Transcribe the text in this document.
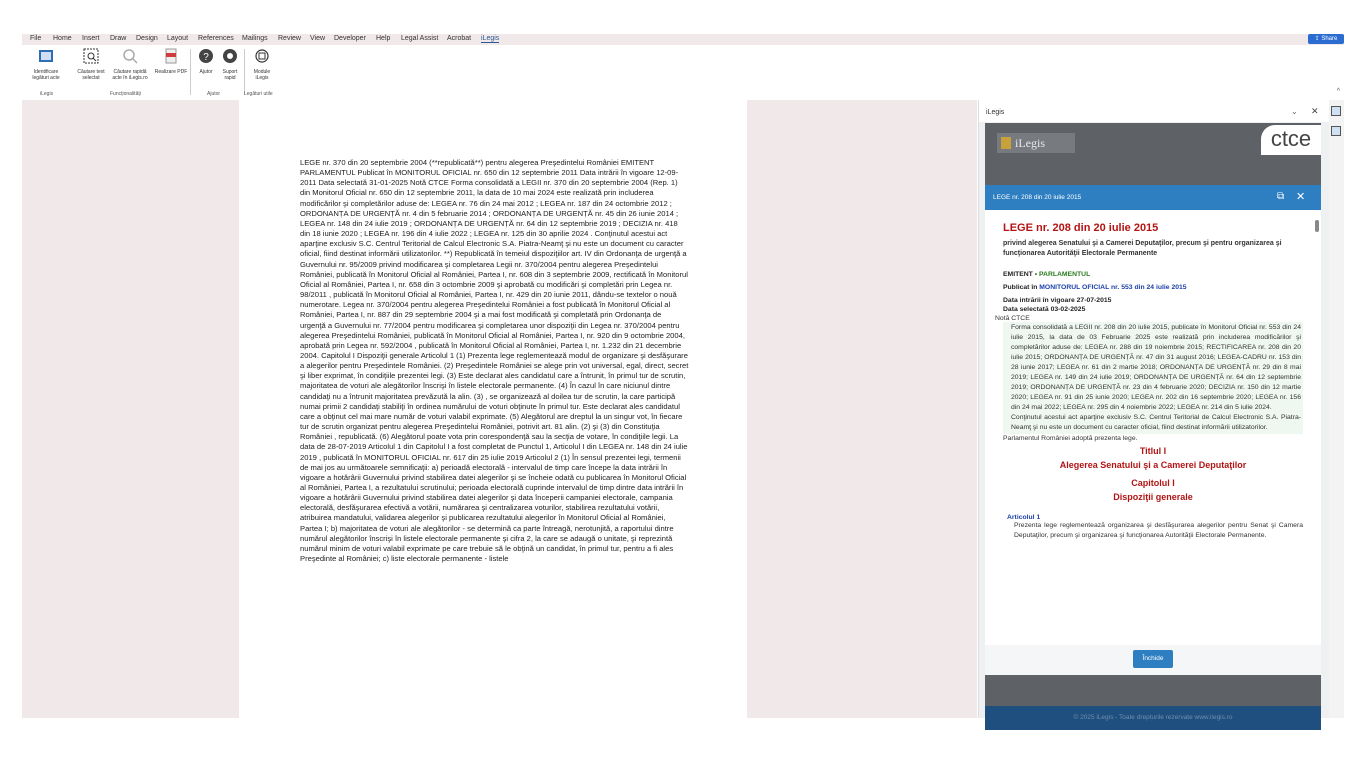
File Home Insert Draw Design Layout References Mailings Review View Developer Help Legal Assist Acrobat iLegis	⇪ Share
Identificare legături acte
Căutare text selectat
Căutare rapidă acte în iLegis.ro
Realizare PDF
?
Ajutor	Suport rapid
Module iLegis
iLegis	Funcționalități	Ajutor	Legături utile	^
LEGE nr. 370 din 20 septembrie 2004 (**republicată**) pentru alegerea Preşedintelui României EMITENT PARLAMENTUL Publicat în MONITORUL OFICIAL nr. 650 din 12 septembrie 2011 Data intrării în vigoare 12-09-2011 Data selectată 31-01-2025 Notă CTCE Forma consolidată a LEGII nr. 370 din 20 septembrie 2004 (Rep. 1) din Monitorul Oficial nr. 650 din 12 septembrie 2011, la data de 10 mai 2024 este realizată prin includerea modificărilor şi completărilor aduse de: LEGEA nr. 76 din 24 mai 2012 ; LEGEA nr. 187 din 24 octombrie 2012 ; ORDONANȚA DE URGENȚĂ nr. 4 din 5 februarie 2014 ; ORDONANȚA DE URGENȚĂ nr. 45 din 26 iunie 2014 ; LEGEA nr. 148 din 24 iulie 2019 ; ORDONANȚA DE URGENȚĂ nr. 64 din 12 septembrie 2019 ; DECIZIA nr. 418 din 18 iunie 2020 ; LEGEA nr. 196 din 4 iulie 2022 ; LEGEA nr. 125 din 30 aprilie 2024 . Conţinutul acestui act aparţine exclusiv S.C. Centrul Teritorial de Calcul Electronic S.A. Piatra-Neamţ şi nu este un document cu caracter oficial, fiind destinat informării utilizatorilor. **) Republicată în temeiul dispoziţiilor art. IV din Ordonanţa de urgenţă a Guvernului nr. 95/2009 privind modificarea şi completarea Legii nr. 370/2004 pentru alegerea Preşedintelui României, publicată în Monitorul Oficial al României, Partea I, nr. 608 din 3 septembrie 2009, rectificată în Monitorul Oficial al României, Partea I, nr. 658 din 3 octombrie 2009 şi aprobată cu modificări şi completări prin Legea nr. 98/2011 , publicată în Monitorul Oficial al României, Partea I, nr. 429 din 20 iunie 2011, dându-se textelor o nouă numerotare. Legea nr. 370/2004 pentru alegerea Preşedintelui României a fost publicată în Monitorul Oficial al României, Partea I, nr. 887 din 29 septembrie 2004 şi a mai fost modificată şi completată prin Ordonanţa de urgenţă a Guvernului nr. 77/2004 pentru modificarea şi completarea unor dispoziţii din Legea nr. 370/2004 pentru alegerea Preşedintelui României, publicată în Monitorul Oficial al României, Partea I, nr. 920 din 9 octombrie 2004, aprobată prin Legea nr. 592/2004 , publicată în Monitorul Oficial al României, Partea I, nr. 1.232 din 21 decembrie 2004. Capitolul I Dispoziţii generale Articolul 1 (1) Prezenta lege reglementează modul de organizare şi desfăşurare a alegerilor pentru Preşedintele României. (2) Preşedintele României se alege prin vot universal, egal, direct, secret şi liber exprimat, în condiţiile prezentei legi. (3) Este declarat ales candidatul care a întrunit, în primul tur de scrutin, majoritatea de voturi ale alegătorilor înscrişi în listele electorale permanente. (4) În cazul în care niciunul dintre candidaţi nu a întrunit majoritatea prevăzută la alin. (3) , se organizează al doilea tur de scrutin, la care participă numai primii 2 candidaţi stabiliţi în ordinea numărului de voturi obţinute în primul tur. Este declarat ales candidatul care a obţinut cel mai mare număr de voturi valabil exprimate. (5) Alegătorul are dreptul la un singur vot, în fiecare tur de scrutin organizat pentru alegerea Preşedintelui României, potrivit art. 81 alin. (2) şi (3) din Constituţia României , republicată. (6) Alegătorul poate vota prin corespondenţă sau la secţia de votare, în condiţiile legii. La data de 28-07-2019 Articolul 1 din Capitolul I a fost completat de Punctul 1, Articolul I din LEGEA nr. 148 din 24 iulie 2019 , publicată în MONITORUL OFICIAL nr. 617 din 25 iulie 2019 Articolul 2 (1) În sensul prezentei legi, termenii de mai jos au următoarele semnificaţii: a) perioadă electorală - intervalul de timp care începe la data intrării în vigoare a hotărârii Guvernului privind stabilirea datei alegerilor şi se încheie odată cu publicarea în Monitorul Oficial al României, Partea I, a rezultatului scrutinului; perioada electorală cuprinde intervalul de timp dintre data intrării în vigoare a hotărârii Guvernului privind stabilirea datei alegerilor şi data începerii campaniei electorale, campania electorală, desfăşurarea efectivă a votării, numărarea şi centralizarea voturilor, stabilirea rezultatului votării, atribuirea mandatului, validarea alegerilor şi publicarea rezultatului alegerilor în Monitorul Oficial al României, Partea I; b) majoritatea de voturi ale alegătorilor - se determină ca parte întreagă, nerotunjită, a raportului dintre numărul alegătorilor înscrişi în listele electorale permanente şi cifra 2, la care se adaugă o unitate, şi reprezintă numărul minim de voturi valabil exprimate pe care trebuie să le obţină un candidat, în primul tur, pentru a fi ales Preşedinte al României; c) liste electorale permanente - listele
iLegis	⌄ ✕
iLegis	ctce
LEGE nr. 208 din 20 iulie 2015	⧉ ✕
LEGE nr. 208 din 20 iulie 2015
privind alegerea Senatului şi a Camerei Deputaţilor, precum şi pentru organizarea şi funcţionarea Autorităţii Electorale Permanente
EMITENT • PARLAMENTUL
Publicat în MONITORUL OFICIAL nr. 553 din 24 iulie 2015
Data intrării în vigoare 27-07-2015
Data selectată 03-02-2025
Notă CTCE
Forma consolidată a LEGII nr. 208 din 20 iulie 2015, publicate în Monitorul Oficial nr. 553 din 24 iulie 2015, la data de 03 Februarie 2025 este realizată prin includerea modificărilor şi completărilor aduse de: LEGEA nr. 288 din 19 noiembrie 2015; RECTIFICAREA nr. 208 din 20 iulie 2015; ORDONANȚA DE URGENȚĂ nr. 47 din 31 august 2016; LEGEA-CADRU nr. 153 din 28 iunie 2017; LEGEA nr. 61 din 2 martie 2018; ORDONANȚA DE URGENȚĂ nr. 29 din 8 mai 2019; LEGEA nr. 149 din 24 iulie 2019; ORDONANȚA DE URGENȚĂ nr. 64 din 12 septembrie 2019; ORDONANȚA DE URGENȚĂ nr. 23 din 4 februarie 2020; DECIZIA nr. 150 din 12 martie 2020; LEGEA nr. 91 din 25 iunie 2020; LEGEA nr. 202 din 16 septembrie 2020; LEGEA nr. 156 din 24 mai 2022; LEGEA nr. 295 din 4 noiembrie 2022; LEGEA nr. 214 din 5 iulie 2024.
Conţinutul acestui act aparţine exclusiv S.C. Centrul Teritorial de Calcul Electronic S.A. Piatra-Neamţ şi nu este un document cu caracter oficial, fiind destinat informării utilizatorilor.
Parlamentul României adoptă prezenta lege.
Titlul I
Alegerea Senatului şi a Camerei Deputaţilor
Capitolul I
Dispoziţii generale
Articolul 1
Prezenta lege reglementează organizarea şi desfăşurarea alegerilor pentru Senat şi Camera Deputaţilor, precum şi organizarea şi funcţionarea Autorităţii Electorale Permanente.
Închide
© 2025 iLegis - Toate drepturile rezervate www.ilegis.ro
